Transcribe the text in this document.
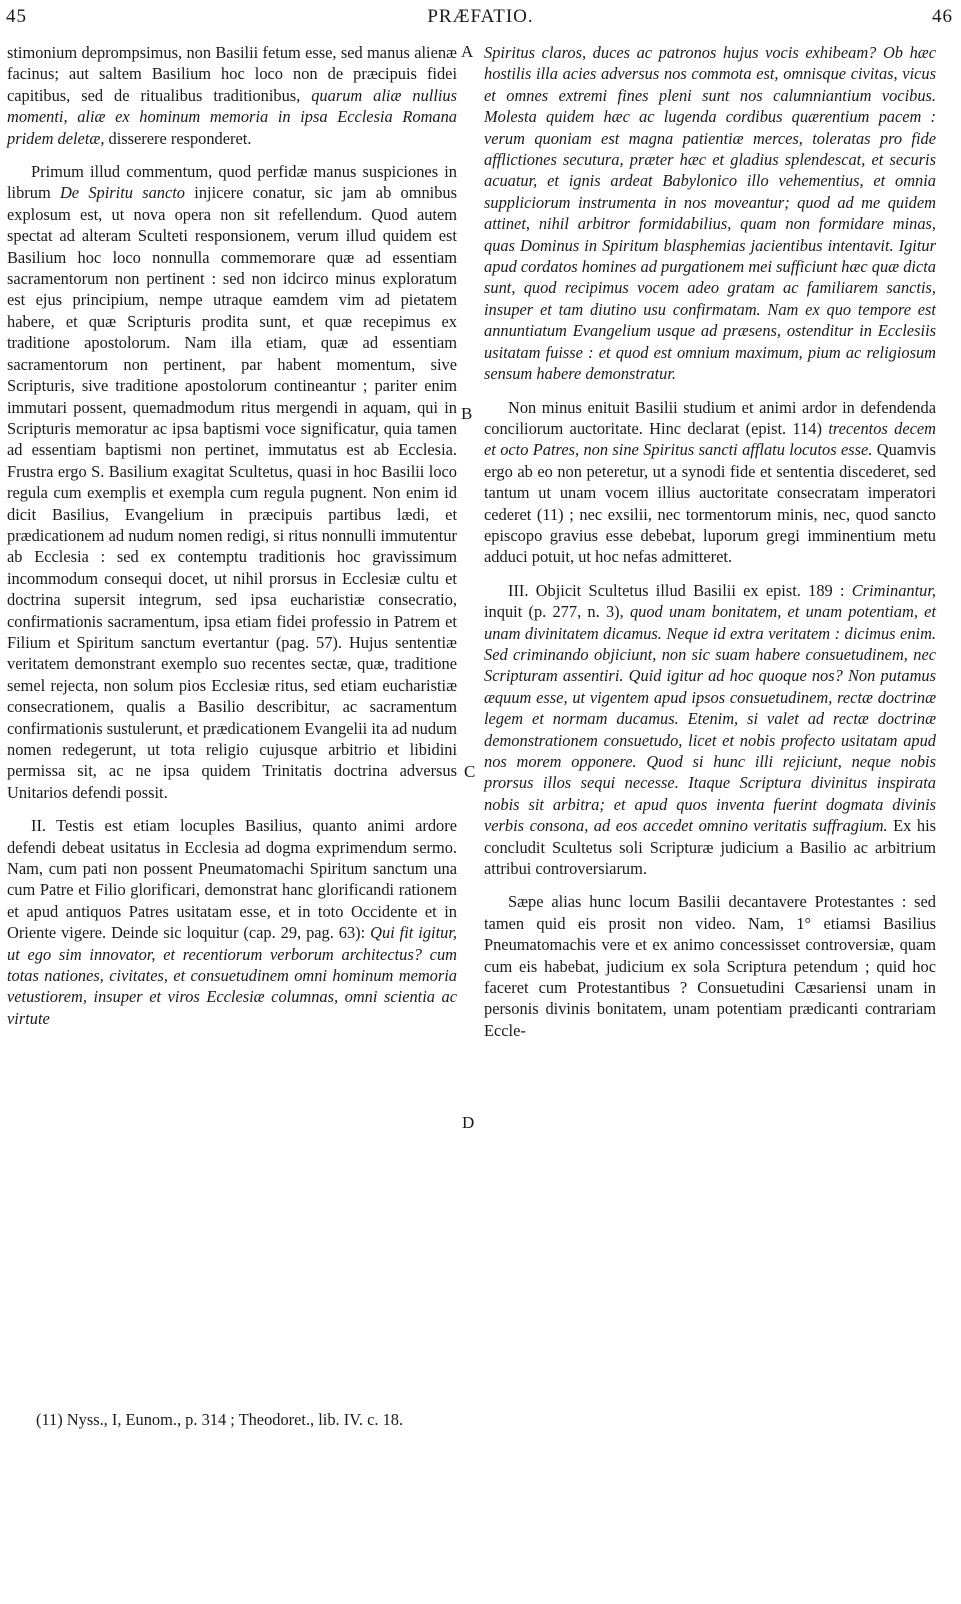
45	PRÆFATIO.	46
A
B
C
D

stimonium deprompsimus, non Basilii fetum esse, sed manus alienæ facinus; aut saltem Basilium hoc loco non de præcipuis fidei capitibus, sed de ritualibus traditionibus, quarum aliæ nullius momenti, aliæ ex hominum memoria in ipsa Ecclesia Romana pridem deletæ, disserere responderet.

Primum illud commentum, quod perfidæ manus suspiciones in librum De Spiritu sancto injicere conatur, sic jam ab omnibus explosum est, ut nova opera non sit refellendum. Quod autem spectat ad alteram Sculteti responsionem, verum illud quidem est Basilium hoc loco nonnulla commemorare quæ ad essentiam sacramentorum non pertinent : sed non idcirco minus exploratum est ejus principium, nempe utraque eamdem vim ad pietatem habere, et quæ Scripturis prodita sunt, et quæ recepimus ex traditione apostolorum. Nam illa etiam, quæ ad essentiam sacramentorum non pertinent, par habent momentum, sive Scripturis, sive traditione apostolorum contineantur ; pariter enim immutari possent, quemadmodum ritus mergendi in aquam, qui in Scripturis memoratur ac ipsa baptismi voce significatur, quia tamen ad essentiam baptismi non pertinet, immutatus est ab Ecclesia. Frustra ergo S. Basilium exagitat Scultetus, quasi in hoc Basilii loco regula cum exemplis et exempla cum regula pugnent. Non enim id dicit Basilius, Evangelium in præcipuis partibus lædi, et prædicationem ad nudum nomen redigi, si ritus nonnulli immutentur ab Ecclesia : sed ex contemptu traditionis hoc gravissimum incommodum consequi docet, ut nihil prorsus in Ecclesiæ cultu et doctrina supersit integrum, sed ipsa eucharistiæ consecratio, confirmationis sacramentum, ipsa etiam fidei professio in Patrem et Filium et Spiritum sanctum evertantur (pag. 57). Hujus sententiæ veritatem demonstrant exemplo suo recentes sectæ, quæ, traditione semel rejecta, non solum pios Ecclesiæ ritus, sed etiam eucharistiæ consecrationem, qualis a Basilio describitur, ac sacramentum confirmationis sustulerunt, et prædicationem Evangelii ita ad nudum nomen redegerunt, ut tota religio cujusque arbitrio et libidini permissa sit, ac ne ipsa quidem Trinitatis doctrina adversus Unitarios defendi possit.

II. Testis est etiam locuples Basilius, quanto animi ardore defendi debeat usitatus in Ecclesia ad dogma exprimendum sermo. Nam, cum pati non possent Pneumatomachi Spiritum sanctum una cum Patre et Filio glorificari, demonstrat hanc glorificandi rationem et apud antiquos Patres usitatam esse, et in toto Occidente et in Oriente vigere. Deinde sic loquitur (cap. 29, pag. 63): Qui fit igitur, ut ego sim innovator, et recentiorum verborum architectus? cum totas nationes, civitates, et consuetudinem omni hominum memoria vetustiorem, insuper et viros Ecclesiæ columnas, omni scientia ac virtute

Spiritus claros, duces ac patronos hujus vocis exhibeam? Ob hæc hostilis illa acies adversus nos commota est, omnisque civitas, vicus et omnes extremi fines pleni sunt nos calumniantium vocibus. Molesta quidem hæc ac lugenda cordibus quærentium pacem : verum quoniam est magna patientiæ merces, toleratas pro fide afflictiones secutura, præter hæc et gladius splendescat, et securis acuatur, et ignis ardeat Babylonico illo vehementius, et omnia suppliciorum instrumenta in nos moveantur; quod ad me quidem attinet, nihil arbitror formidabilius, quam non formidare minas, quas Dominus in Spiritum blasphemias jacientibus intentavit. Igitur apud cordatos homines ad purgationem mei sufficiunt hæc quæ dicta sunt, quod recipimus vocem adeo gratam ac familiarem sanctis, insuper et tam diutino usu confirmatam. Nam ex quo tempore est annuntiatum Evangelium usque ad præsens, ostenditur in Ecclesiis usitatam fuisse : et quod est omnium maximum, pium ac religiosum sensum habere demonstratur.

Non minus enituit Basilii studium et animi ardor in defendenda conciliorum auctoritate. Hinc declarat (epist. 114) trecentos decem et octo Patres, non sine Spiritus sancti afflatu locutos esse. Quamvis ergo ab eo non peteretur, ut a synodi fide et sententia discederet, sed tantum ut unam vocem illius auctoritate consecratam imperatori cederet (11) ; nec exsilii, nec tormentorum minis, nec, quod sancto episcopo gravius esse debebat, luporum gregi imminentium metu adduci potuit, ut hoc nefas admitteret.

III. Objicit Scultetus illud Basilii ex epist. 189 : Criminantur, inquit (p. 277, n. 3), quod unam bonitatem, et unam potentiam, et unam divinitatem dicamus. Neque id extra veritatem : dicimus enim. Sed criminando objiciunt, non sic suam habere consuetudinem, nec Scripturam assentiri. Quid igitur ad hoc quoque nos? Non putamus æquum esse, ut vigentem apud ipsos consuetudinem, rectæ doctrinæ legem et normam ducamus. Etenim, si valet ad rectæ doctrinæ demonstrationem consuetudo, licet et nobis profecto usitatam apud nos morem opponere. Quod si hunc illi rejiciunt, neque nobis prorsus illos sequi necesse. Itaque Scriptura divinitus inspirata nobis sit arbitra; et apud quos inventa fuerint dogmata divinis verbis consona, ad eos accedet omnino veritatis suffragium. Ex his concludit Scultetus soli Scripturæ judicium a Basilio ac arbitrium attribui controversiarum.

Sæpe alias hunc locum Basilii decantavere Protestantes : sed tamen quid eis prosit non video. Nam, 1° etiamsi Basilius Pneumatomachis vere et ex animo concessisset controversiæ, quam cum eis habebat, judicium ex sola Scriptura petendum ; quid hoc faceret cum Protestantibus ? Consuetudini Cæsariensi unam in personis divinis bonitatem, unam potentiam prædicanti contrariam Eccle-

(11) Nyss., I, Eunom., p. 314 ; Theodoret., lib. IV. c. 18.
